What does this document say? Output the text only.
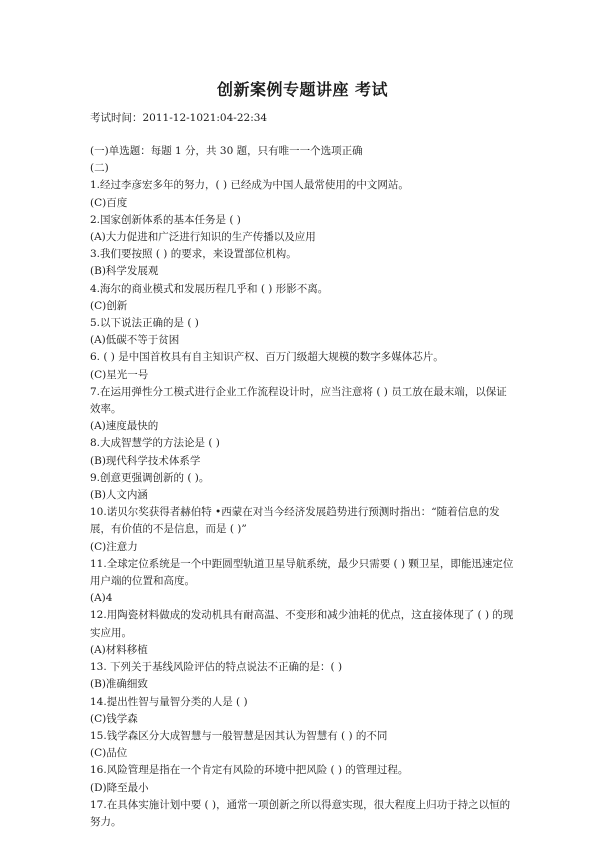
创新案例专题讲座 考试
考试时间：2011-12-1021:04-22:34
(一)单选题：每题 1 分，共 30 题，只有唯一一个选项正确
(二)
1.经过李彦宏多年的努力，( ) 已经成为中国人最常使用的中文网站。
(C)百度
2.国家创新体系的基本任务是 ( )
(A)大力促进和广泛进行知识的生产传播以及应用
3.我们要按照 ( ) 的要求，来设置部位机构。
(B)科学发展观
4.海尔的商业模式和发展历程几乎和 ( ) 形影不离。
(C)创新
5.以下说法正确的是 ( )
(A)低碳不等于贫困
6. ( ) 是中国首枚具有自主知识产权、百万门级超大规模的数字多媒体芯片。
(C)星光一号
7.在运用弹性分工模式进行企业工作流程设计时，应当注意将 ( ) 员工放在最末端，以保证效率。
(A)速度最快的
8.大成智慧学的方法论是 ( )
(B)现代科学技术体系学
9.创意更强调创新的 ( )。
(B)人文内涵
10.诺贝尔奖获得者赫伯特 •西蒙在对当今经济发展趋势进行预测时指出：“随着信息的发展，有价值的不是信息，而是 ( )”
(C)注意力
11.全球定位系统是一个中距圆型轨道卫星导航系统，最少只需要 ( ) 颗卫星，即能迅速定位用户端的位置和高度。
(A)4
12.用陶瓷材料做成的发动机具有耐高温、不变形和减少油耗的优点，这直接体现了 ( ) 的现实应用。
(A)材料移植
13. 下列关于基线风险评估的特点说法不正确的是：( )
(B)准确细致
14.提出性智与量智分类的人是 ( )
(C)钱学森
15.钱学森区分大成智慧与一般智慧是因其认为智慧有 ( ) 的不同
(C)品位
16.风险管理是指在一个肯定有风险的环境中把风险 ( ) 的管理过程。
(D)降至最小
17.在具体实施计划中要 ( )，通常一项创新之所以得意实现，很大程度上归功于持之以恒的努力。
